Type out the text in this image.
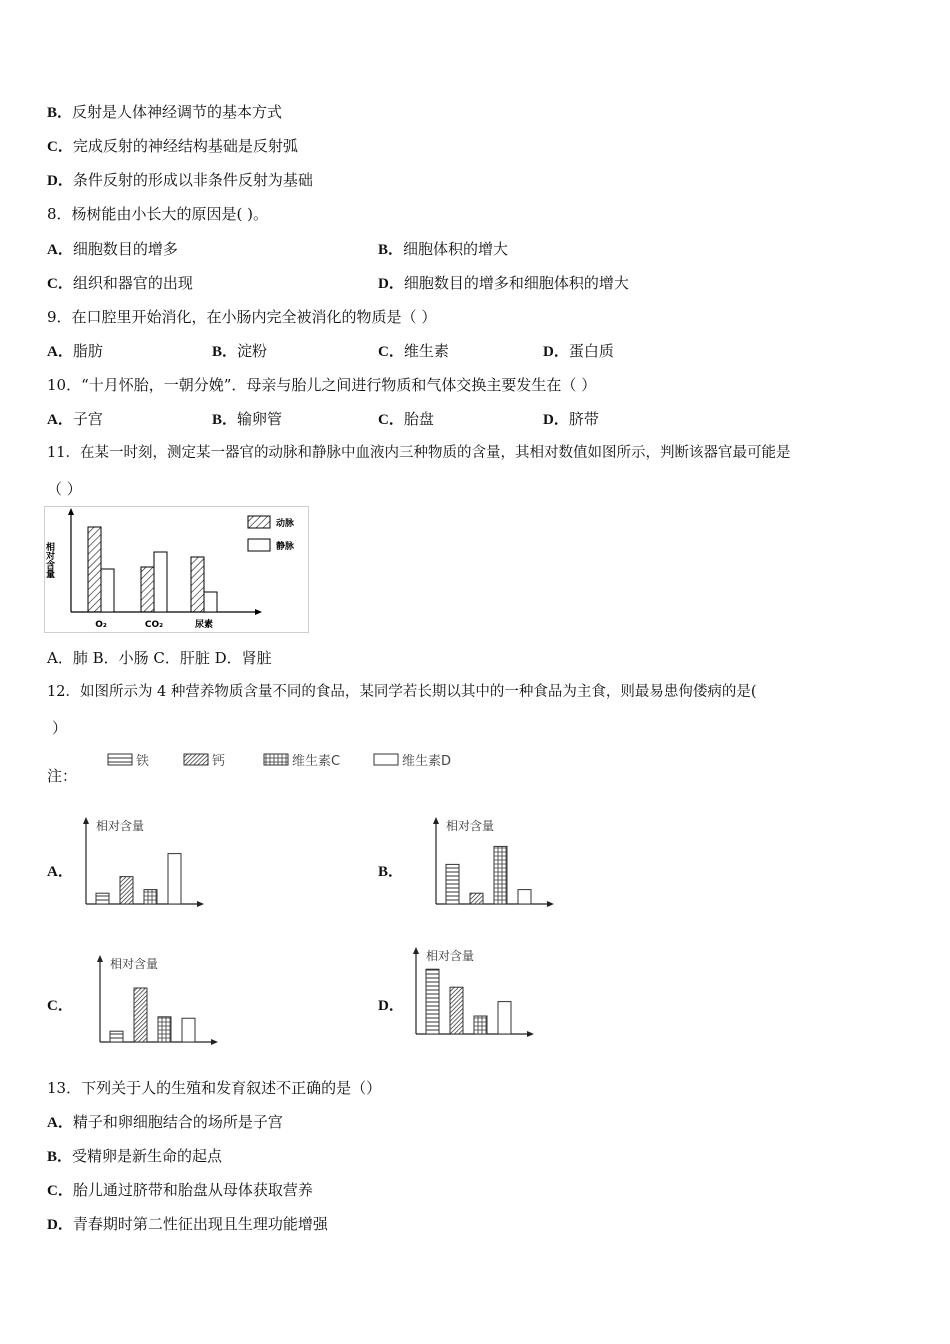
B．反射是人体神经调节的基本方式
C．完成反射的神经结构基础是反射弧
D．条件反射的形成以非条件反射为基础
8．杨树能由小长大的原因是( )。
A．细胞数目的增多	B．细胞体积的增大
C．组织和器官的出现	D．细胞数目的增多和细胞体积的增大
9．在口腔里开始消化，在小肠内完全被消化的物质是（ ）
A．脂肪	B．淀粉	C．维生素	D．蛋白质
10．“十月怀胎，一朝分娩”．母亲与胎儿之间进行物质和气体交换主要发生在（ ）
A．子宫	B．输卵管	C．胎盘	D．脐带
11．在某一时刻，测定某一器官的动脉和静脉中血液内三种物质的含量，其相对数值如图所示，判断该器官最可能是
（ ）
相对含量
O₂	CO₂	尿素
动脉
静脉
A．肺 B．小肠 C．肝脏 D．肾脏
12．如图所示为 4 种营养物质含量不同的食品，某同学若长期以其中的一种食品为主食，则最易患佝偻病的是(
）
注：
铁	钙	维生素C	维生素D
A．	B．
C．	D．
相对含量	相对含量
相对含量
相对含量
13．下列关于人的生殖和发育叙述不正确的是（）
A．精子和卵细胞结合的场所是子宫
B．受精卵是新生命的起点
C．胎儿通过脐带和胎盘从母体获取营养
D．青春期时第二性征出现且生理功能增强
